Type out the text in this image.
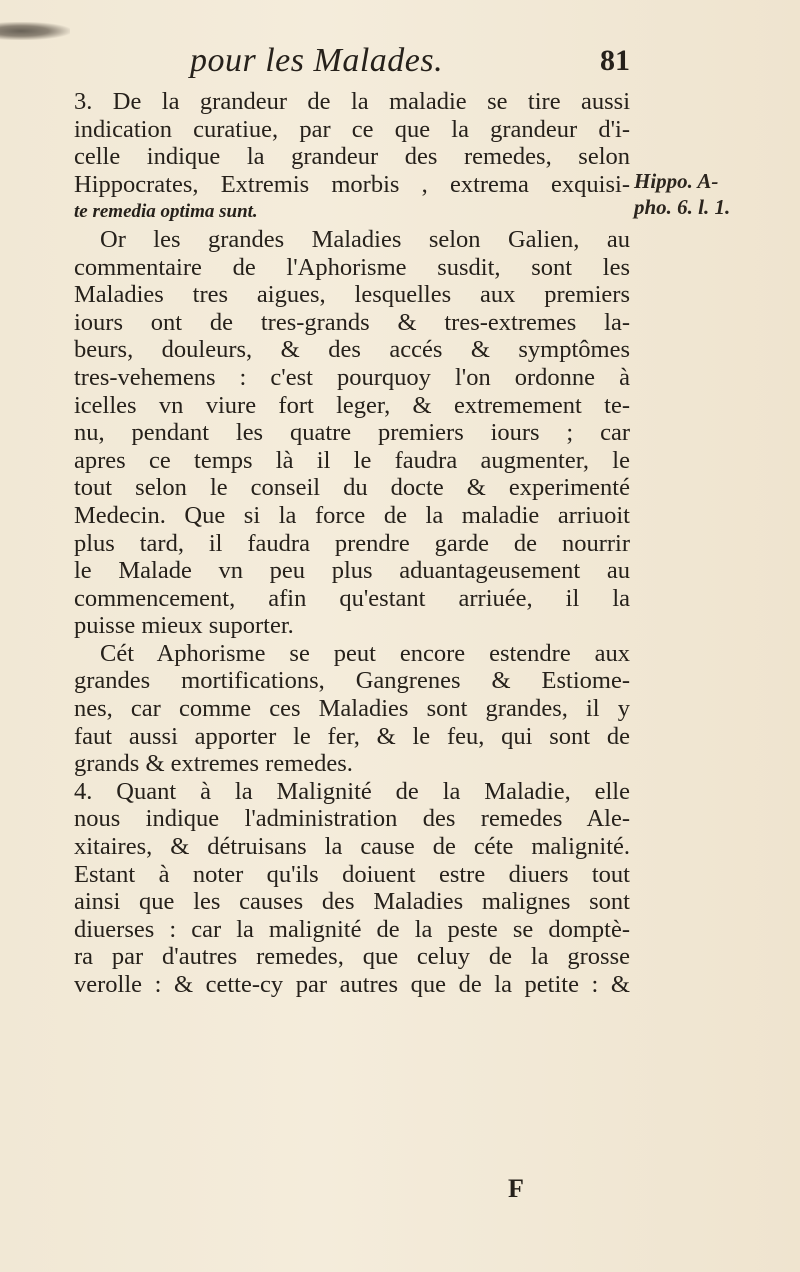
pour les Malades.	81
Hippo. A-
pho. 6. l. 1.
3. De la grandeur de la maladie se tire aussi
indication curatiue, par ce que la grandeur d'i-
celle indique la grandeur des remedes, selon
Hippocrates, Extremis morbis , extrema exquisi-
te remedia optima sunt.
Or les grandes Maladies selon Galien, au
commentaire de l'Aphorisme susdit, sont les
Maladies tres aigues, lesquelles aux premiers
iours ont de tres-grands & tres-extremes la-
beurs, douleurs, & des accés & symptômes
tres-vehemens : c'est pourquoy l'on ordonne à
icelles vn viure fort leger, & extremement te-
nu, pendant les quatre premiers iours ; car
apres ce temps là il le faudra augmenter, le
tout selon le conseil du docte & experimenté
Medecin. Que si la force de la maladie arriuoit
plus tard, il faudra prendre garde de nourrir
le Malade vn peu plus aduantageusement au
commencement, afin qu'estant arriuée, il la
puisse mieux suporter.
Cét Aphorisme se peut encore estendre aux
grandes mortifications, Gangrenes & Estiome-
nes, car comme ces Maladies sont grandes, il y
faut aussi apporter le fer, & le feu, qui sont de
grands & extremes remedes.
4. Quant à la Malignité de la Maladie, elle
nous indique l'administration des remedes Ale-
xitaires, & détruisans la cause de céte malignité.
Estant à noter qu'ils doiuent estre diuers tout
ainsi que les causes des Maladies malignes sont
diuerses : car la malignité de la peste se domptè-
ra par d'autres remedes, que celuy de la grosse
verolle : & cette-cy par autres que de la petite : &
F
